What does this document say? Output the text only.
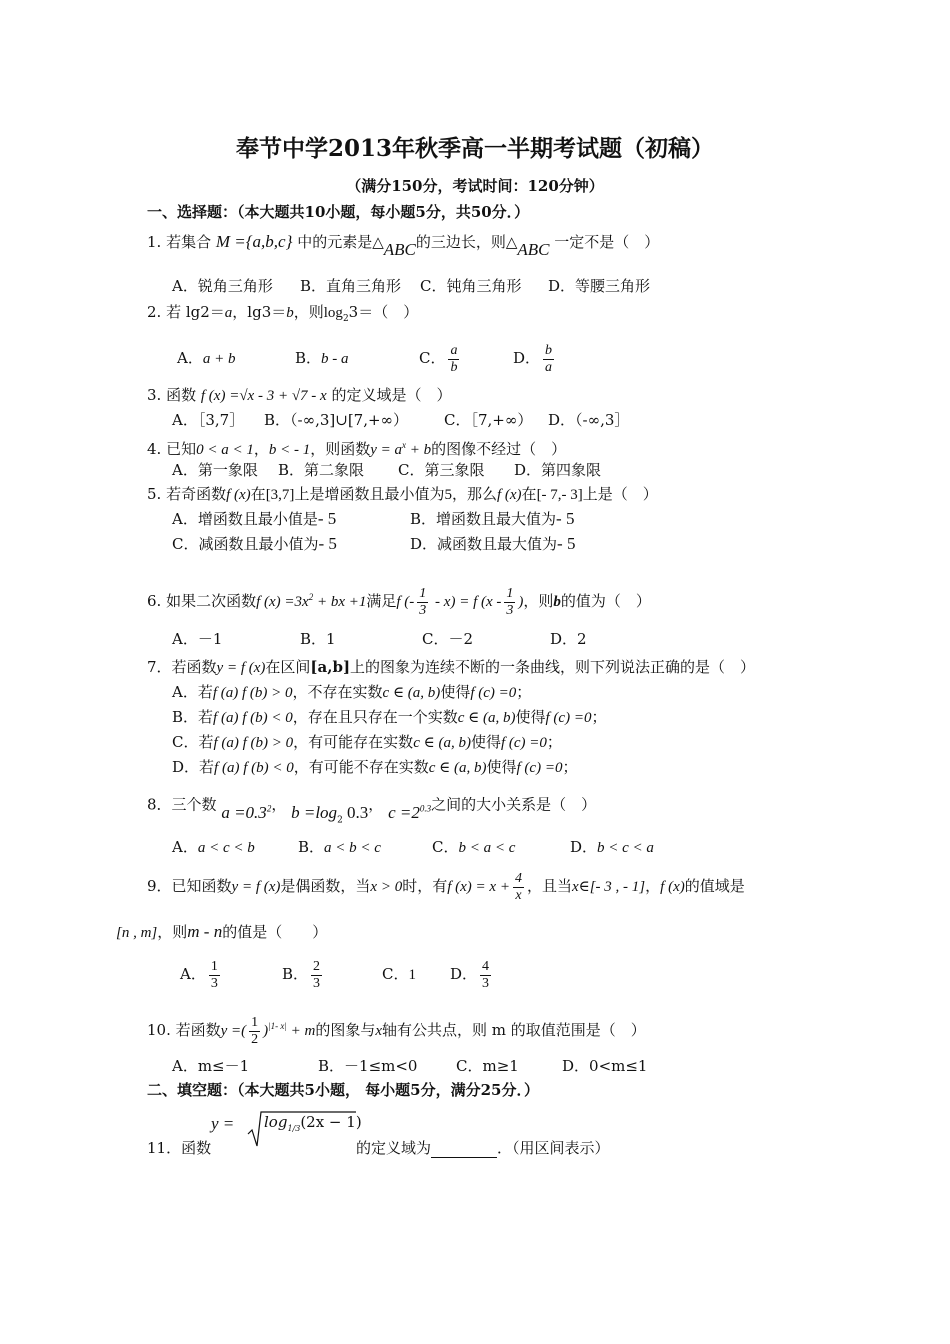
奉节中学2013年秋季高一半期考试题（初稿）
（满分150分，考试时间：120分钟）
一、选择题：（本大题共10小题，每小题5分，共50分．）
1. 若集合 M ={a,b,c} 中的元素是△ABC的三边长，则△ABC 一定不是（　）
A．锐角三角形 B．直角三角形 C．钝角三角形 D．等腰三角形
2. 若 lg2＝a，lg3＝b，则$\log_23=$（　）
A．a + b	B．b - a	C． $\frac{a}{b}$	D． $\frac{b}{a}$
3. 函数 f (x) =√x - 3 + √7 - x 的定义域是（　）
A．［3,7］ B．（-∞,3]∪[7,+∞） C．［7,+∞） D．（-∞,3］
4. 已知0 < a < 1，b < - 1，则函数$y = a^x + b$的图像不经过（　）
A．第一象限 B．第二象限 C．第三象限 D．第四象限
5. 若奇函数f (x)在[3,7]上是增函数且最小值为5，那么f (x)在[- 7,- 3]上是（　）
A．增函数且最小值是- 5	B．增函数且最大值为- 5
C．减函数且最小值为- 5	D．减函数且最大值为- 5
6. 如果二次函数f $(x) =3x^2$ + bx +1满足f (- $\frac{1}{3} - x) = f$ ($x - \frac{1}{3}$ )，则b的值为（　）
A．－1	B．1	C．－2	D．2
7．若函数y = f (x)在区间[a,b]上的图象为连续不断的一条曲线，则下列说法正确的是（　）
A．若f (a) f (b) > 0，不存在实数c ∈ (a, b)使得f (c) =0；
B．若f (a) f (b) < 0，存在且只存在一个实数c ∈ (a, b)使得f (c) =0；
C．若f (a) f (b) > 0，有可能存在实数c ∈ (a, b)使得f (c) =0；
D．若f (a) f (b) < 0，有可能不存在实数c ∈ (a, b)使得f (c) =0；
8．三个数 $a =0.3^2$， $b =\log_2$ 0.3， $c =2^{0.3}$之间的大小关系是（　）
A．a < c < b	B．a < b < c	C．b < a < c	D．b < c < a
9．已知函数y = f (x)是偶函数，当x > 0时，有f $(x) = x + \frac{4}{x}$ ，且当x∈[- 3 , - 1]，f (x)的值域是
[n , m]，则m - n的值是（　　）
A． $\frac{1}{3}$	B． $\frac{2}{3}$	C．1 D． $\frac{4}{3}$
10. 若函数y =( $\frac{1}{2} )^{|1- x|} + m$的图象与x轴有公共点，则 m 的取值范围是（　）
A．m≤－1	B．－1≤m<0	C．m≥1	D．0<m≤1
二、填空题：（本大题共5小题， 每小题5分，满分25分．）
$y = \log_{1/3}(2x - 1)$
11．函数	的定义域为	．（用区间表示）
